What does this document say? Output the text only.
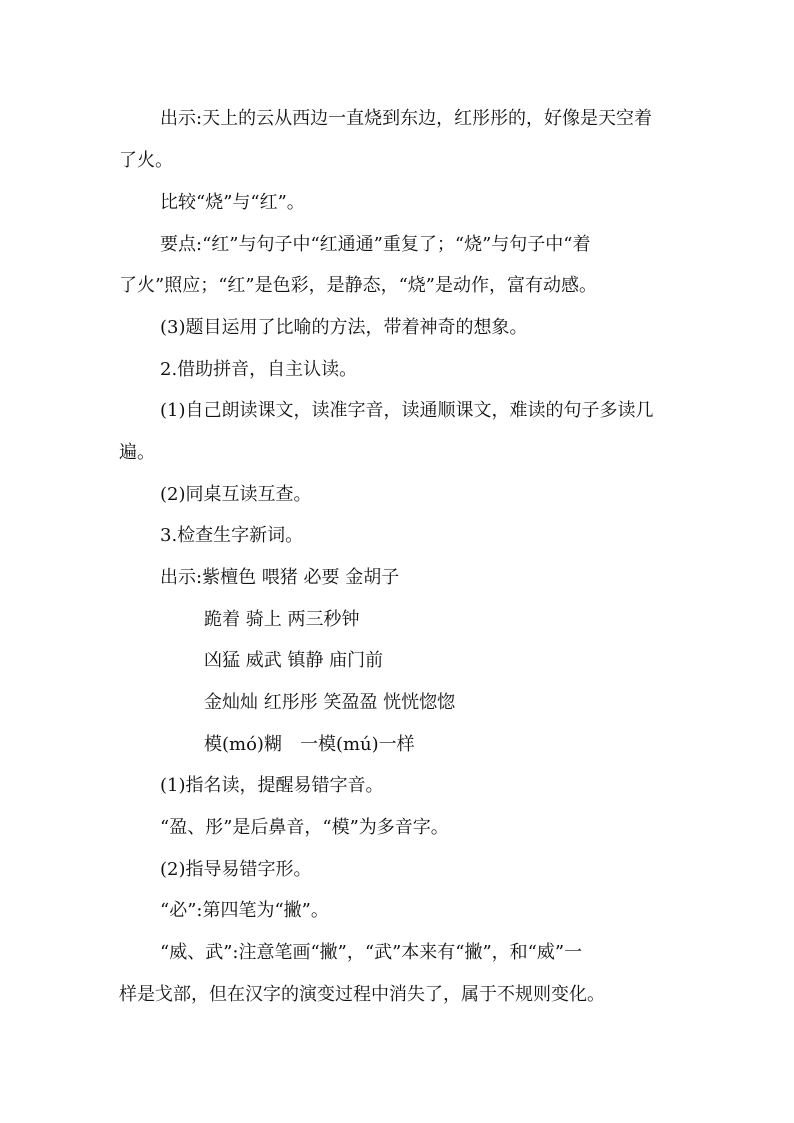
出示:天上的云从西边一直烧到东边，红彤彤的，好像是天空着

了火。

比较“烧”与“红”。

要点:“红”与句子中“红通通”重复了；“烧”与句子中“着

了火”照应；“红”是色彩，是静态，“烧”是动作，富有动感。

(3)题目运用了比喻的方法，带着神奇的想象。

2.借助拼音，自主认读。

(1)自己朗读课文，读准字音，读通顺课文，难读的句子多读几

遍。

(2)同桌互读互查。

3.检查生字新词。

出示:紫檀色 喂猪 必要 金胡子

跪着 骑上 两三秒钟

凶猛 威武 镇静 庙门前

金灿灿 红彤彤 笑盈盈 恍恍惚惚

模(mó)糊　一模(mú)一样

(1)指名读，提醒易错字音。

“盈、彤”是后鼻音，“模”为多音字。

(2)指导易错字形。

“必”:第四笔为“撇”。

“威、武”:注意笔画“撇”，“武”本来有“撇”，和“威”一

样是戈部，但在汉字的演变过程中消失了，属于不规则变化。
